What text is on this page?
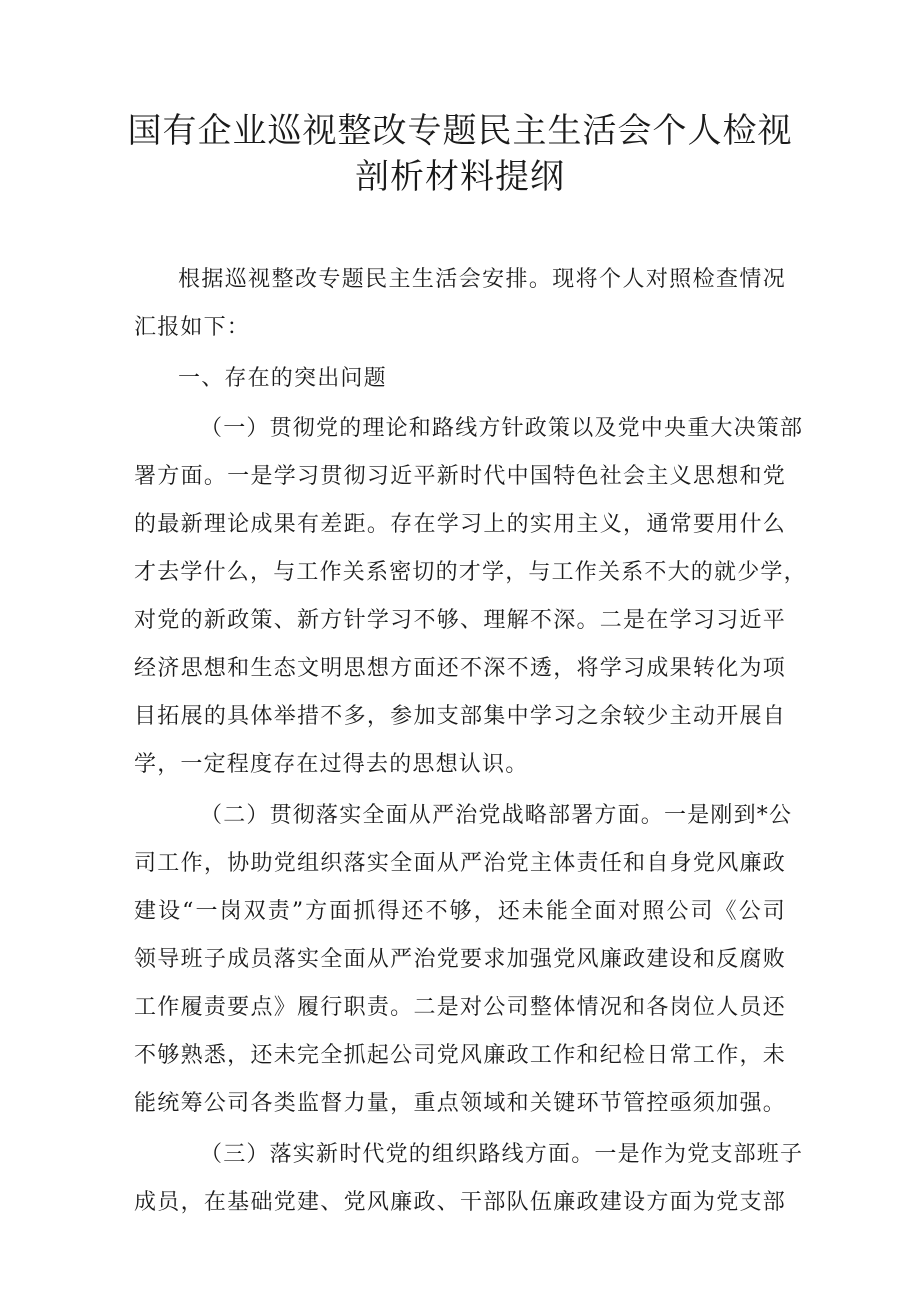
国有企业巡视整改专题民主生活会个人检视
剖析材料提纲

根据巡视整改专题民主生活会安排。现将个人对照检查情况

汇报如下：

一、存在的突出问题

（一）贯彻党的理论和路线方针政策以及党中央重大决策部

署方面。一是学习贯彻习近平新时代中国特色社会主义思想和党

的最新理论成果有差距。存在学习上的实用主义，通常要用什么

才去学什么，与工作关系密切的才学，与工作关系不大的就少学，

对党的新政策、新方针学习不够、理解不深。二是在学习习近平

经济思想和生态文明思想方面还不深不透，将学习成果转化为项

目拓展的具体举措不多，参加支部集中学习之余较少主动开展自

学，一定程度存在过得去的思想认识。

（二）贯彻落实全面从严治党战略部署方面。一是刚到*公

司工作，协助党组织落实全面从严治党主体责任和自身党风廉政

建设“一岗双责”方面抓得还不够，还未能全面对照公司《公司

领导班子成员落实全面从严治党要求加强党风廉政建设和反腐败

工作履责要点》履行职责。二是对公司整体情况和各岗位人员还

不够熟悉，还未完全抓起公司党风廉政工作和纪检日常工作，未

能统筹公司各类监督力量，重点领域和关键环节管控亟须加强。

（三）落实新时代党的组织路线方面。一是作为党支部班子

成员，在基础党建、党风廉政、干部队伍廉政建设方面为党支部
